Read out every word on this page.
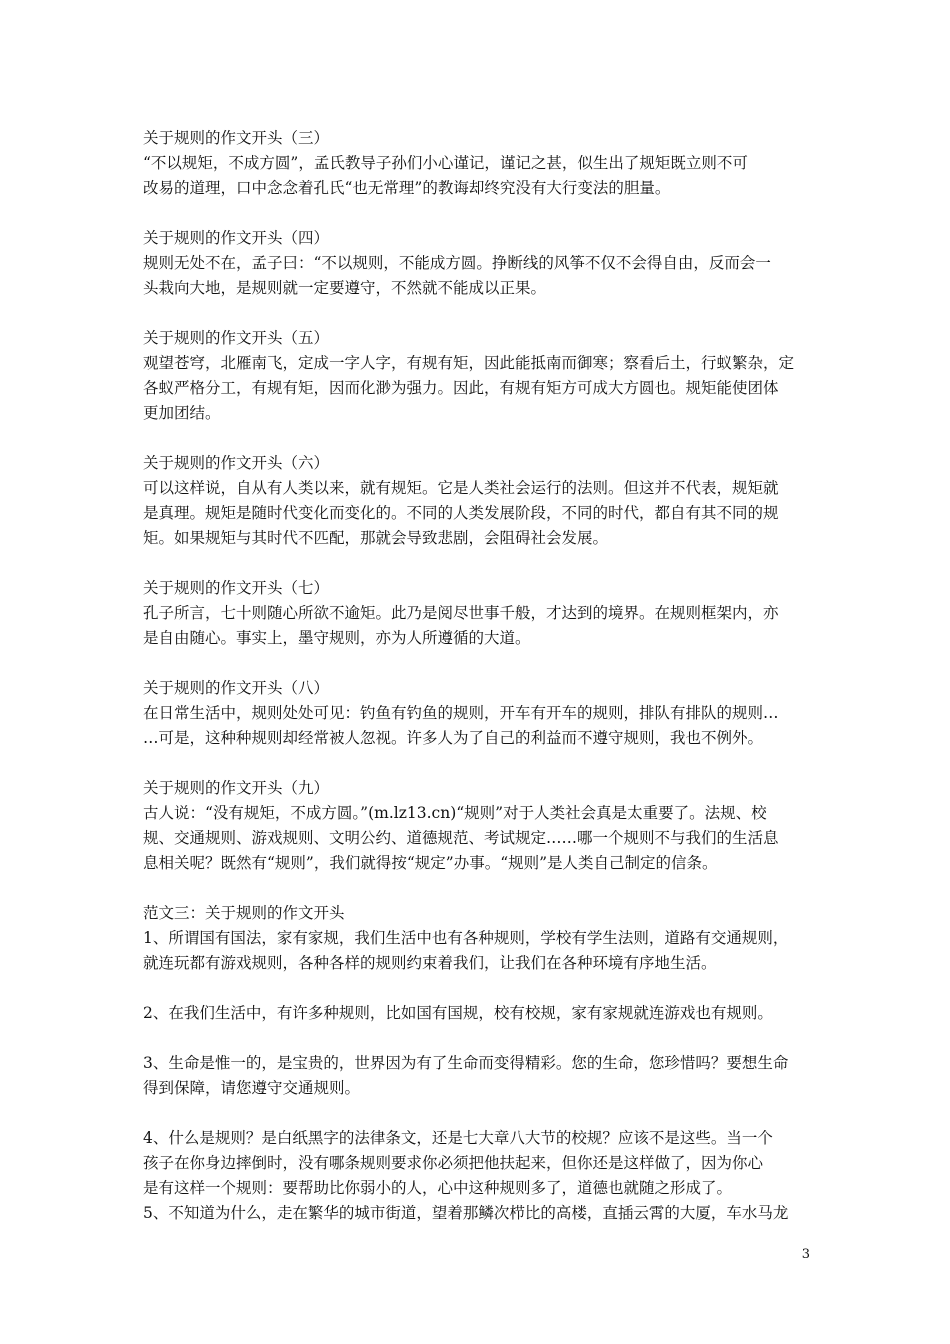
关于规则的作文开头（三）
“不以规矩，不成方圆”，孟氏教导子孙们小心谨记，谨记之甚，似生出了规矩既立则不可
改易的道理，口中念念着孔氏“也无常理”的教诲却终究没有大行变法的胆量。
关于规则的作文开头（四）
规则无处不在，孟子曰：“不以规则，不能成方圆。挣断线的风筝不仅不会得自由，反而会一
头栽向大地，是规则就一定要遵守，不然就不能成以正果。
关于规则的作文开头（五）
观望苍穹，北雁南飞，定成一字人字，有规有矩，因此能抵南而御寒；察看后土，行蚁繁杂，定
各蚁严格分工，有规有矩，因而化渺为强力。因此，有规有矩方可成大方圆也。规矩能使团体
更加团结。
关于规则的作文开头（六）
可以这样说，自从有人类以来，就有规矩。它是人类社会运行的法则。但这并不代表，规矩就
是真理。规矩是随时代变化而变化的。不同的人类发展阶段，不同的时代，都自有其不同的规
矩。如果规矩与其时代不匹配，那就会导致悲剧，会阻碍社会发展。
关于规则的作文开头（七）
孔子所言，七十则随心所欲不逾矩。此乃是阅尽世事千般，才达到的境界。在规则框架内，亦
是自由随心。事实上，墨守规则，亦为人所遵循的大道。
关于规则的作文开头（八）
在日常生活中，规则处处可见：钓鱼有钓鱼的规则，开车有开车的规则，排队有排队的规则…
…可是，这种种规则却经常被人忽视。许多人为了自己的利益而不遵守规则，我也不例外。
关于规则的作文开头（九）
古人说：“没有规矩，不成方圆。”(m.lz13.cn)“规则”对于人类社会真是太重要了。法规、校
规、交通规则、游戏规则、文明公约、道德规范、考试规定……哪一个规则不与我们的生活息
息相关呢？既然有“规则”，我们就得按“规定”办事。“规则”是人类自己制定的信条。
范文三：关于规则的作文开头
1、所谓国有国法，家有家规，我们生活中也有各种规则，学校有学生法则，道路有交通规则，
就连玩都有游戏规则，各种各样的规则约束着我们，让我们在各种环境有序地生活。
2、在我们生活中，有许多种规则，比如国有国规，校有校规，家有家规就连游戏也有规则。
3、生命是惟一的，是宝贵的，世界因为有了生命而变得精彩。您的生命，您珍惜吗？要想生命
得到保障，请您遵守交通规则。
4、什么是规则？是白纸黑字的法律条文，还是七大章八大节的校规？应该不是这些。当一个
孩子在你身边摔倒时，没有哪条规则要求你必须把他扶起来，但你还是这样做了，因为你心
是有这样一个规则：要帮助比你弱小的人，心中这种规则多了，道德也就随之形成了。
5、不知道为什么，走在繁华的城市街道，望着那鳞次栉比的高楼，直插云霄的大厦，车水马龙
3
